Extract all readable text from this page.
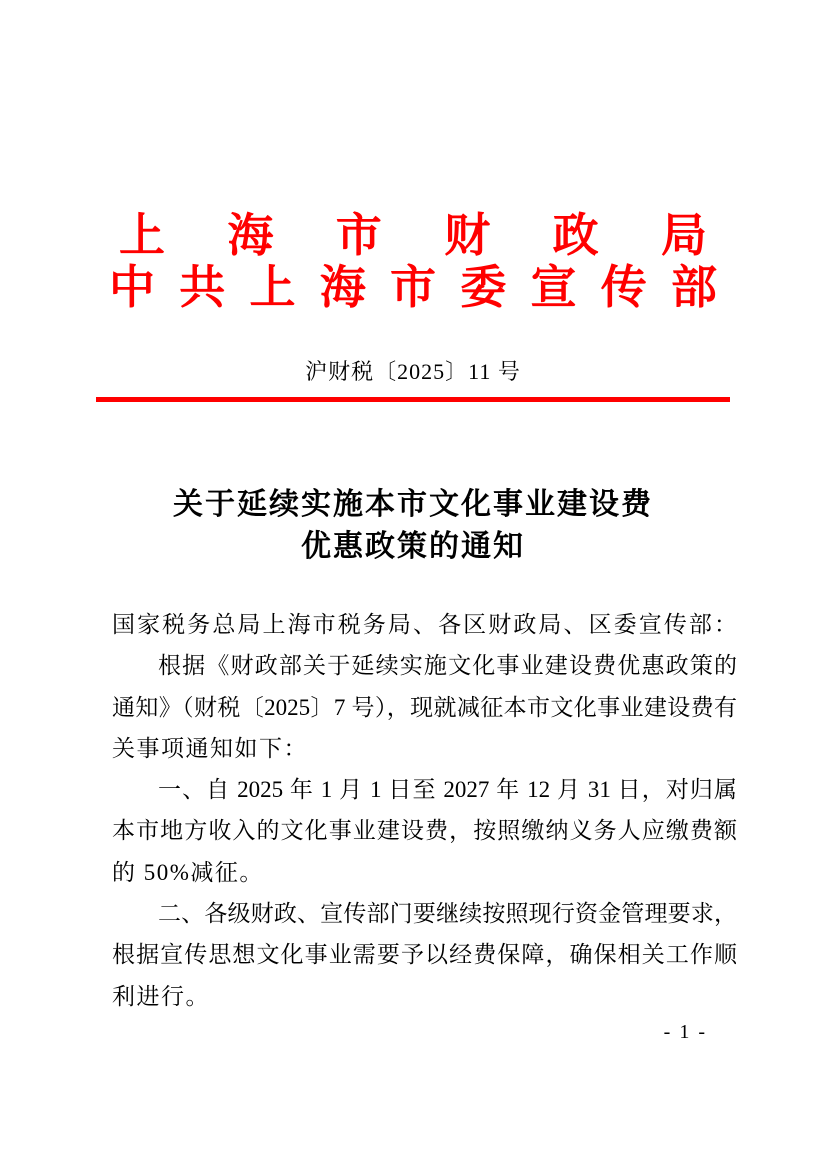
上海市财政局
中共上海市委宣传部
沪财税〔2025〕11 号
关于延续实施本市文化事业建设费
优惠政策的通知
国家税务总局上海市税务局、各区财政局、区委宣传部：
根据《财政部关于延续实施文化事业建设费优惠政策的
通知》（财税〔2025〕7 号），现就减征本市文化事业建设费有
关事项通知如下：
一、自 2025 年 1 月 1 日至 2027 年 12 月 31 日，对归属
本市地方收入的文化事业建设费，按照缴纳义务人应缴费额
的 50%减征。
二、各级财政、宣传部门要继续按照现行资金管理要求，
根据宣传思想文化事业需要予以经费保障，确保相关工作顺
利进行。
- 1 -
